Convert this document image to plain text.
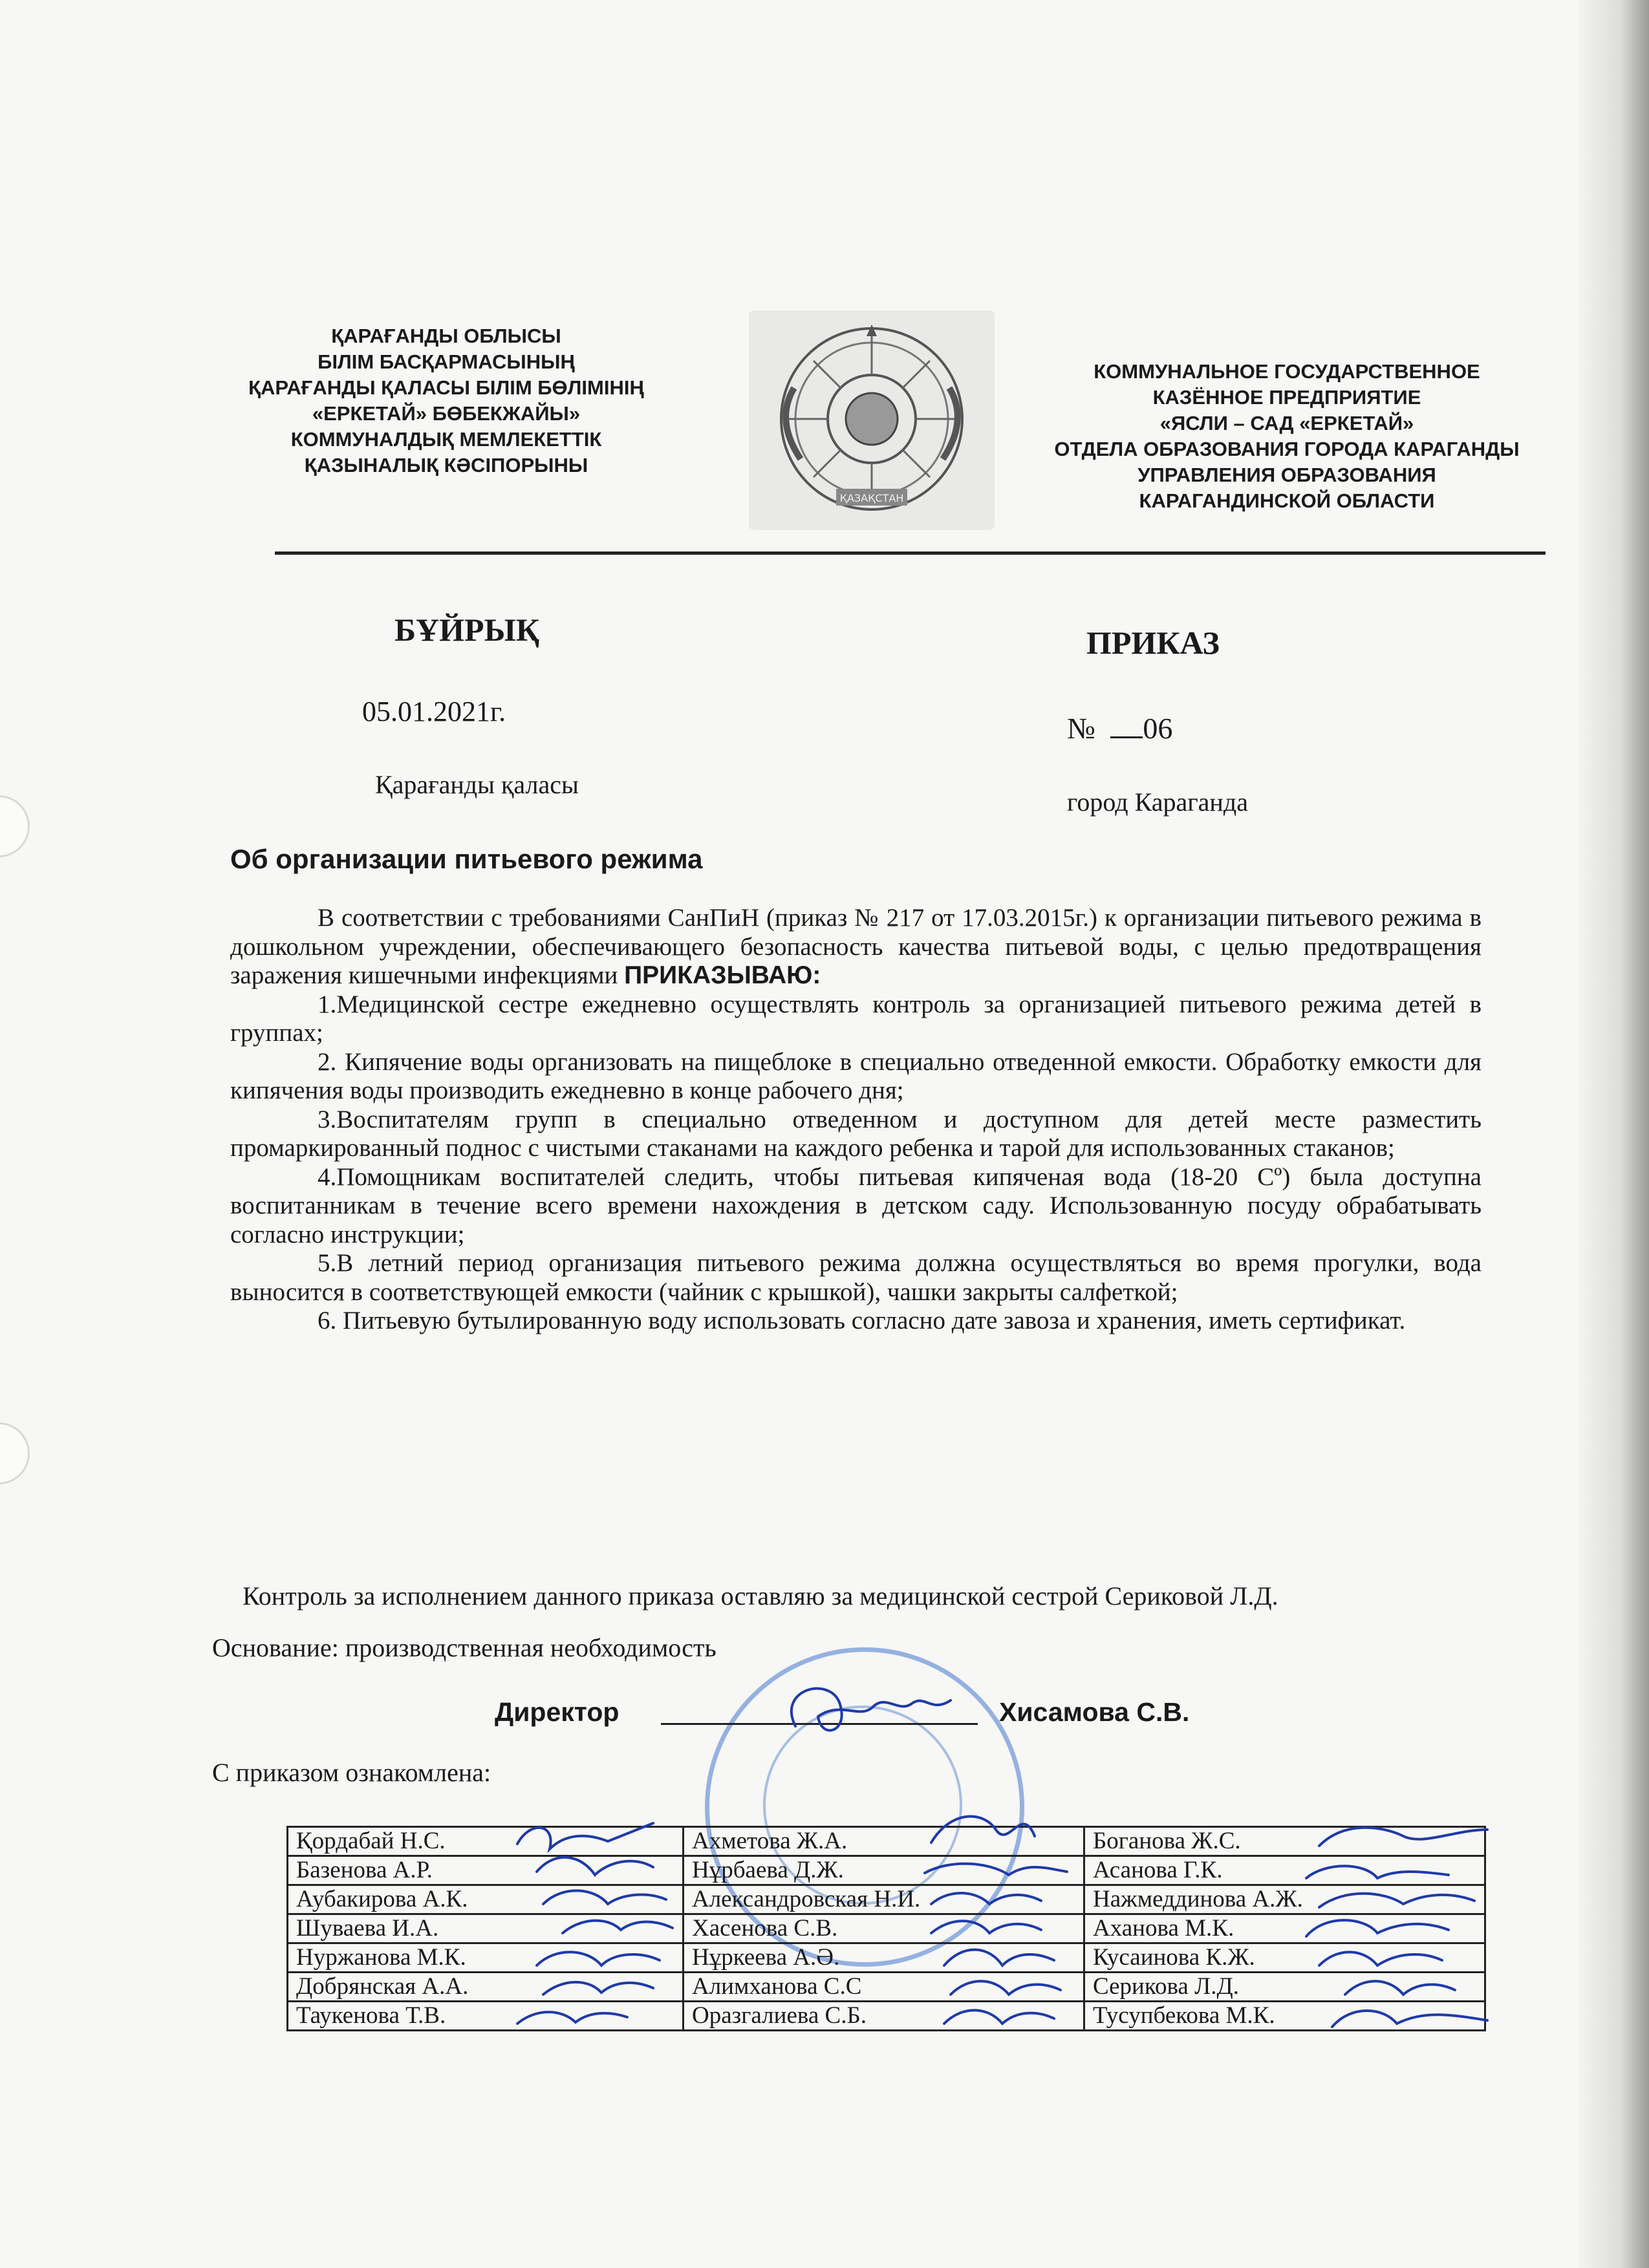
ҚАРАҒАНДЫ ОБЛЫСЫ
БІЛІМ БАСҚАРМАСЫНЫҢ
ҚАРАҒАНДЫ ҚАЛАСЫ БІЛІМ БӨЛІМІНІҢ
«ЕРКЕТАЙ» БӨБЕКЖАЙЫ»
КОММУНАЛДЫҚ МЕМЛЕКЕТТІК
ҚАЗЫНАЛЫҚ КӘСІПОРЫНЫ
ҚАЗАҚСТАН
КОММУНАЛЬНОЕ ГОСУДАРСТВЕННОЕ
КАЗЁННОЕ ПРЕДПРИЯТИЕ
«ЯСЛИ – САД «ЕРКЕТАЙ»
ОТДЕЛА ОБРАЗОВАНИЯ ГОРОДА КАРАГАНДЫ
УПРАВЛЕНИЯ ОБРАЗОВАНИЯ
КАРАГАНДИНСКОЙ ОБЛАСТИ
БҰЙРЫҚ	ПРИКАЗ
05.01.2021г.
№ 06
Қарағанды қаласы
город Караганда
Об организации питьевого режима

В соответствии с требованиями СанПиН (приказ № 217 от 17.03.2015г.) к организации питьевого режима в дошкольном учреждении, обеспечивающего безопасность качества питьевой воды, с целью предотвращения заражения кишечными инфекциями ПРИКАЗЫВАЮ:

1.Медицинской сестре ежедневно осуществлять контроль за организацией питьевого режима детей в группах;

2. Кипячение воды организовать на пищеблоке в специально отведенной емкости. Обработку емкости для кипячения воды производить ежедневно в конце рабочего дня;

3.Воспитателям групп в специально отведенном и доступном для детей месте разместить промаркированный поднос с чистыми стаканами на каждого ребенка и тарой для использованных стаканов;

4.Помощникам воспитателей следить, чтобы питьевая кипяченая вода (18-20 Сº) была доступна воспитанникам в течение всего времени нахождения в детском саду. Использованную посуду обрабатывать согласно инструкции;

5.В летний период организация питьевого режима должна осуществляться во время прогулки, вода выносится в соответствующей емкости (чайник с крышкой), чашки закрыты салфеткой;

6. Питьевую бутылированную воду использовать согласно дате завоза и хранения, иметь сертификат.

Контроль за исполнением данного приказа оставляю за медицинской сестрой Сериковой Л.Д.
Основание: производственная необходимость
Директор	Хисамова С.В.
С приказом ознакомлена:
Қордабай Н.С.	Ахметова Ж.А.	Боганова Ж.С.
Базенова А.Р.	Нұрбаева Д.Ж.	Асанова Г.К.
Аубакирова А.К.	Александровская Н.И.	Нажмеддинова А.Ж.
Шуваева И.А.	Хасенова С.В.	Аханова М.К.
Нуржанова М.К.	Нұркеева А.Ә.	Кусаинова К.Ж.
Добрянская А.А.	Алимханова С.С	Серикова Л.Д.
Таукенова Т.В.	Оразгалиева С.Б.	Тусупбекова М.К.
